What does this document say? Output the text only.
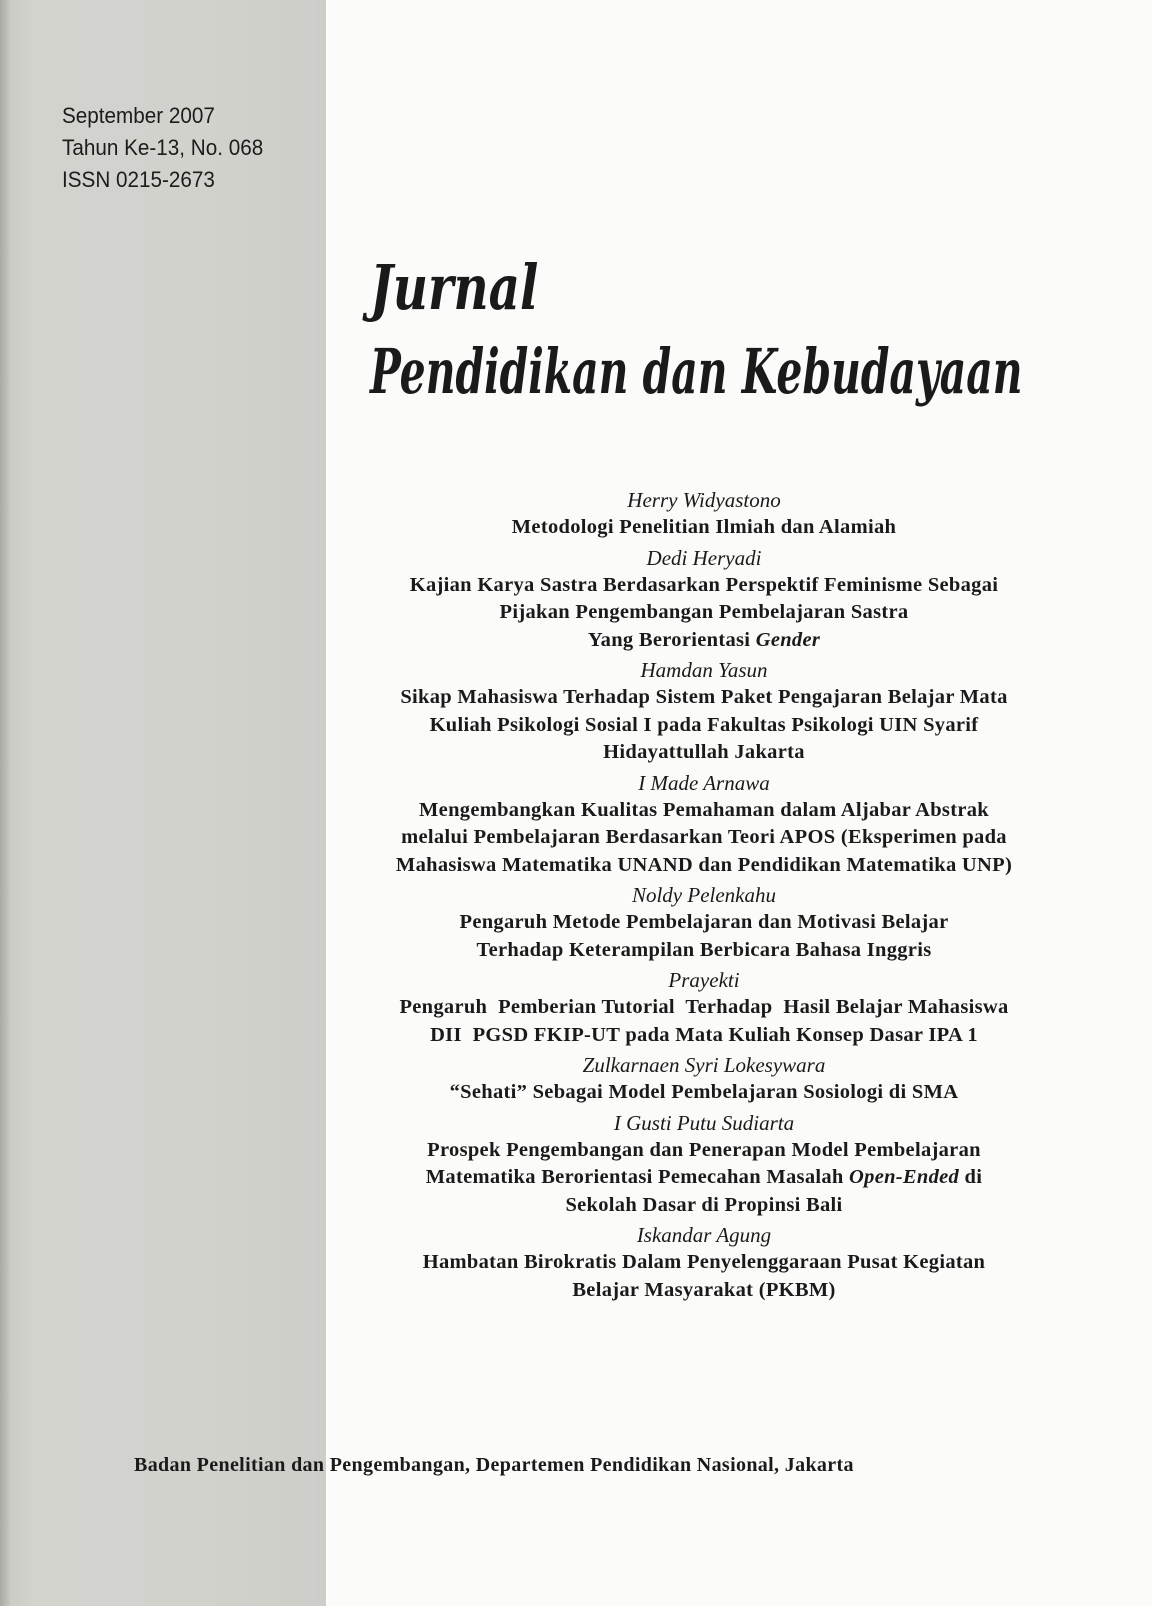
September 2007
Tahun Ke-13, No. 068
ISSN 0215-2673
Jurnal
Pendidikan dan Kebudayaan
Herry Widyastono
Metodologi Penelitian Ilmiah dan Alamiah
Dedi Heryadi
Kajian Karya Sastra Berdasarkan Perspektif Feminisme Sebagai
Pijakan Pengembangan Pembelajaran Sastra
Yang Berorientasi Gender
Hamdan Yasun
Sikap Mahasiswa Terhadap Sistem Paket Pengajaran Belajar Mata
Kuliah Psikologi Sosial I pada Fakultas Psikologi UIN Syarif
Hidayattullah Jakarta
I Made Arnawa
Mengembangkan Kualitas Pemahaman dalam Aljabar Abstrak
melalui Pembelajaran Berdasarkan Teori APOS (Eksperimen pada
Mahasiswa Matematika UNAND dan Pendidikan Matematika UNP)
Noldy Pelenkahu
Pengaruh Metode Pembelajaran dan Motivasi Belajar
Terhadap Keterampilan Berbicara Bahasa Inggris
Prayekti
Pengaruh  Pemberian Tutorial  Terhadap  Hasil Belajar Mahasiswa
DII  PGSD FKIP-UT pada Mata Kuliah Konsep Dasar IPA 1
Zulkarnaen Syri Lokesywara
“Sehati” Sebagai Model Pembelajaran Sosiologi di SMA
I Gusti Putu Sudiarta
Prospek Pengembangan dan Penerapan Model Pembelajaran
Matematika Berorientasi Pemecahan Masalah Open-Ended di
Sekolah Dasar di Propinsi Bali
Iskandar Agung
Hambatan Birokratis Dalam Penyelenggaraan Pusat Kegiatan
Belajar Masyarakat (PKBM)
Badan Penelitian dan Pengembangan, Departemen Pendidikan Nasional, Jakarta
